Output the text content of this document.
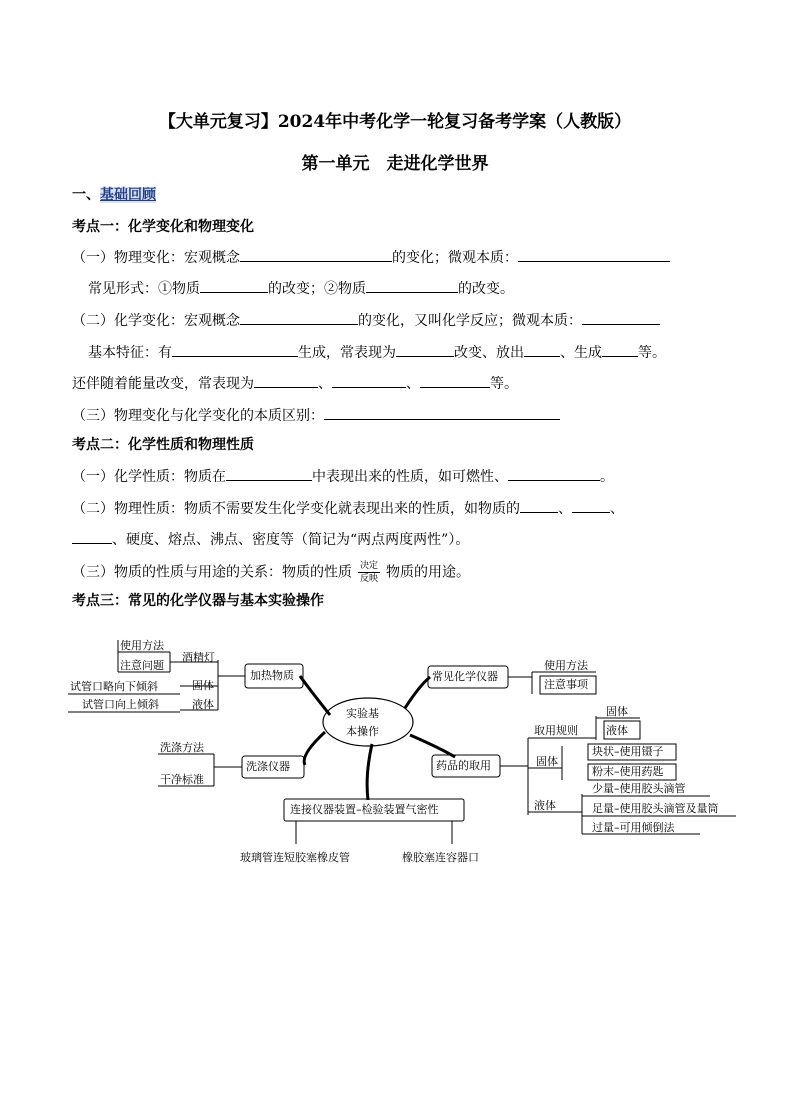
【大单元复习】2024年中考化学一轮复习备考学案（人教版）
第一单元　走进化学世界
一、基础回顾
考点一：化学变化和物理变化
（一）物理变化：宏观概念	的变化；微观本质：
常见形式：①物质	的改变；②物质	的改变。
（二）化学变化：宏观概念	的变化，又叫化学反应；微观本质：
基本特征：有	生成，常表现为	改变、放出	、生成	等。
还伴随着能量改变，常表现为	、	、	等。
（三）物理变化与化学变化的本质区别：
考点二：化学性质和物理性质
（一）化学性质：物质在	中表现出来的性质，如可燃性、	。
（二）物理性质：物质不需要发生化学变化就表现出来的性质，如物质的	、	、
、硬度、熔点、沸点、密度等（简记为“两点两度两性”）。
（三）物质的性质与用途的关系：物质的性质 $\frac{\text{决定}}{\text{反映}}$ 物质的用途。
考点三：常见的化学仪器与基本实验操作
实验基
本操作
加热物质
酒精灯
使用方法
注意问题
固体
液体
试管口略向下倾斜
试管口向上倾斜
洗涤仪器
洗涤方法
干净标准
连接仪器装置–检验装置气密性
玻璃管连短胶塞橡皮管	橡胶塞连容器口
常见化学仪器
使用方法
注意事项
药品的取用
取用规则
固体
液体
固体
块状–使用镊子
粉末–使用药匙
液体
少量–使用胶头滴管
足量–使用胶头滴管及量筒
过量–可用倾倒法
